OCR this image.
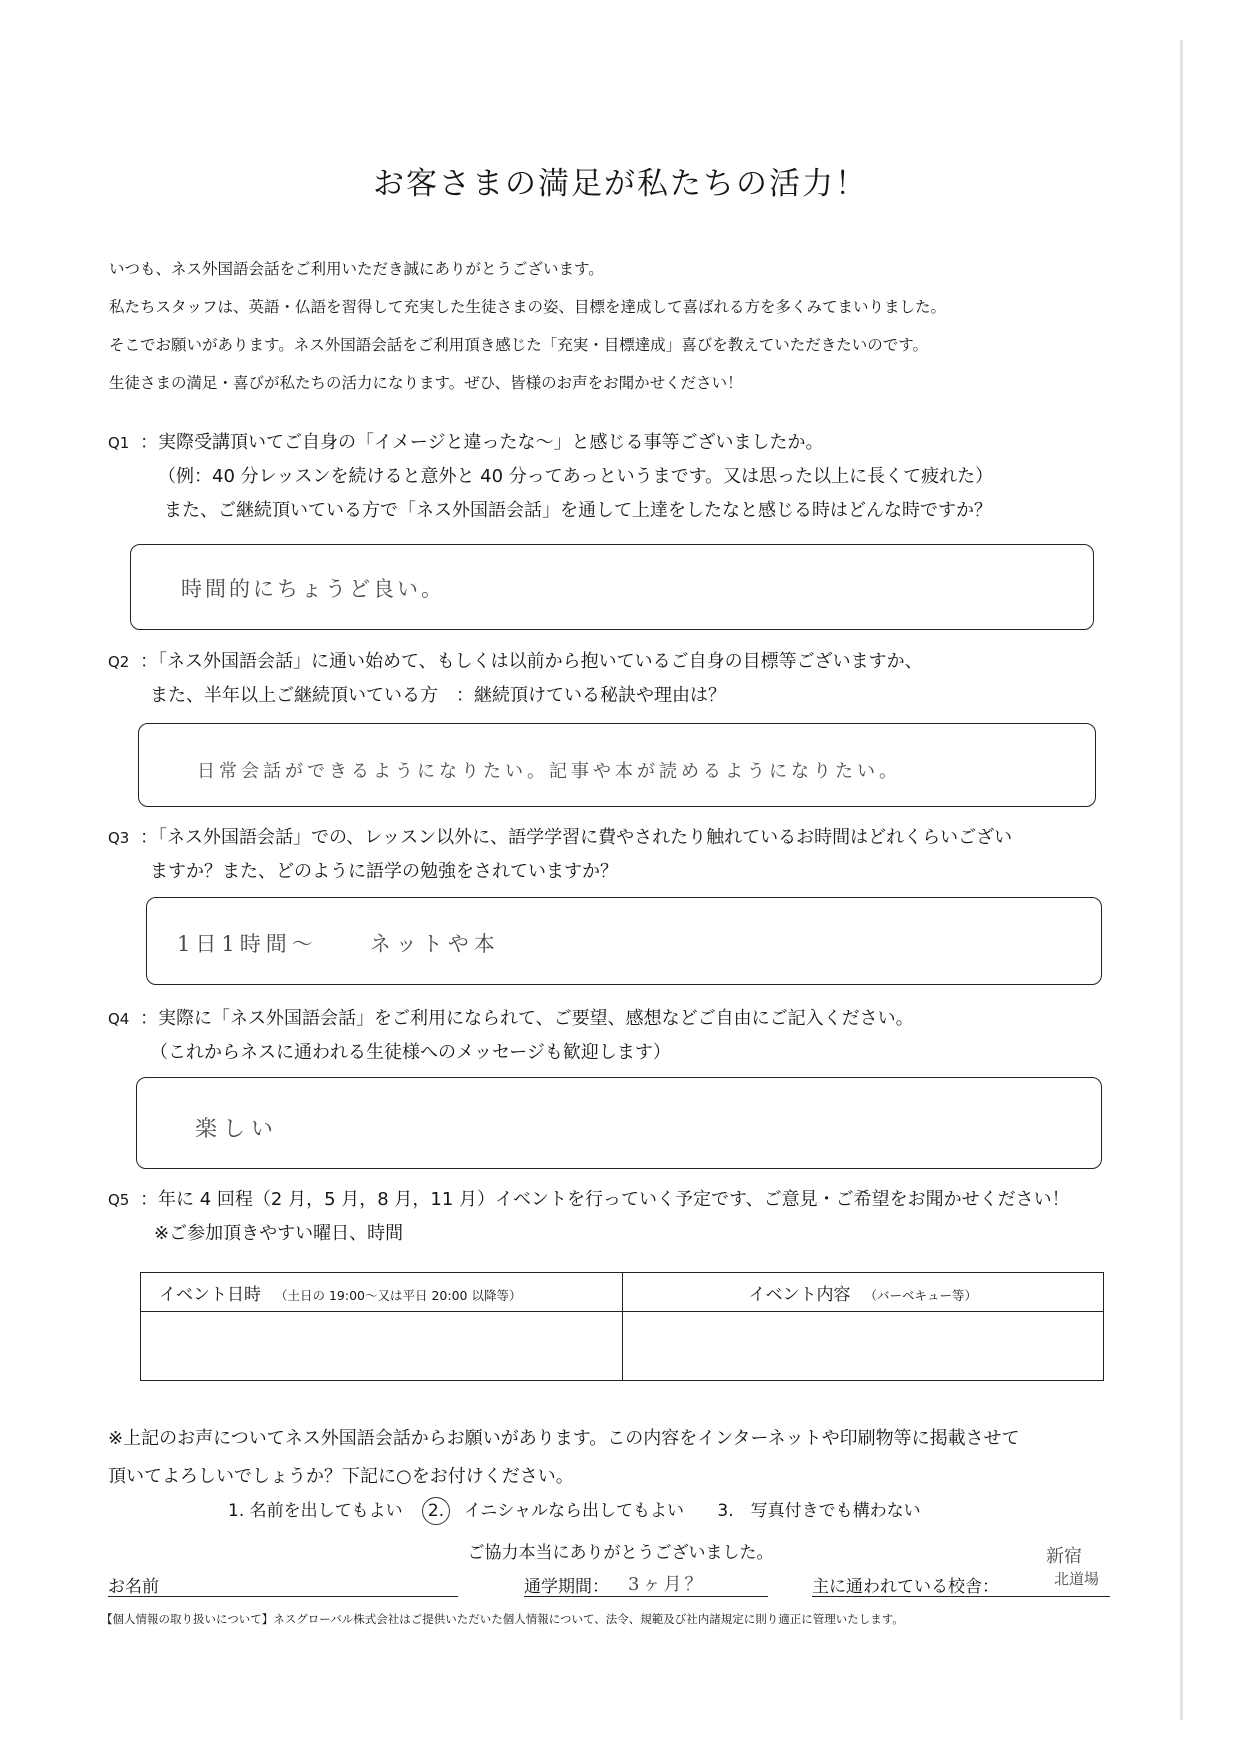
お客さまの満足が私たちの活力！

いつも、ネス外国語会話をご利用いただき誠にありがとうございます。

私たちスタッフは、英語・仏語を習得して充実した生徒さまの姿、目標を達成して喜ばれる方を多くみてまいりました。

そこでお願いがあります。ネス外国語会話をご利用頂き感じた「充実・目標達成」喜びを教えていただきたいのです。

生徒さまの満足・喜びが私たちの活力になります。ぜひ、皆様のお声をお聞かせください！

Q1 ：実際受講頂いてご自身の「イメージと違ったな～」と感じる事等ございましたか。
（例：40 分レッスンを続けると意外と 40 分ってあっというまです。又は思った以上に長くて疲れた）
また、ご継続頂いている方で「ネス外国語会話」を通して上達をしたなと感じる時はどんな時ですか？
時間的にちょうど良い。
Q2 ：「ネス外国語会話」に通い始めて、もしくは以前から抱いているご自身の目標等ございますか、
また、半年以上ご継続頂いている方　：継続頂けている秘訣や理由は？
日常会話ができるようになりたい。記事や本が読めるようになりたい。
Q3 ：「ネス外国語会話」での、レッスン以外に、語学学習に費やされたり触れているお時間はどれくらいござい
ますか？また、どのように語学の勉強をされていますか？
1日1時間～　　ネットや本
Q4 ：実際に「ネス外国語会話」をご利用になられて、ご要望、感想などご自由にご記入ください。
（これからネスに通われる生徒様へのメッセージも歓迎します）
楽しい
Q5 ：年に 4 回程（2 月，5 月，8 月，11 月）イベントを行っていく予定です、ご意見・ご希望をお聞かせください！
※ご参加頂きやすい曜日、時間
イベント日時 （土日の 19:00～又は平日 20:00 以降等）	イベント内容 （バーベキュー等）

※上記のお声についてネス外国語会話からお願いがあります。この内容をインターネットや印刷物等に掲載させて
頂いてよろしいでしょうか？下記に○をお付けください。
1. 名前を出してもよい 2. イニシャルなら出してもよい 3.　写真付きでも構わない
ご協力本当にありがとうございました。
お名前	通学期間： 3ヶ月？	主に通われている校舎：
新宿
北道場
【個人情報の取り扱いについて】ネスグローバル株式会社はご提供いただいた個人情報について、法令、規範及び社内諸規定に則り適正に管理いたします。
